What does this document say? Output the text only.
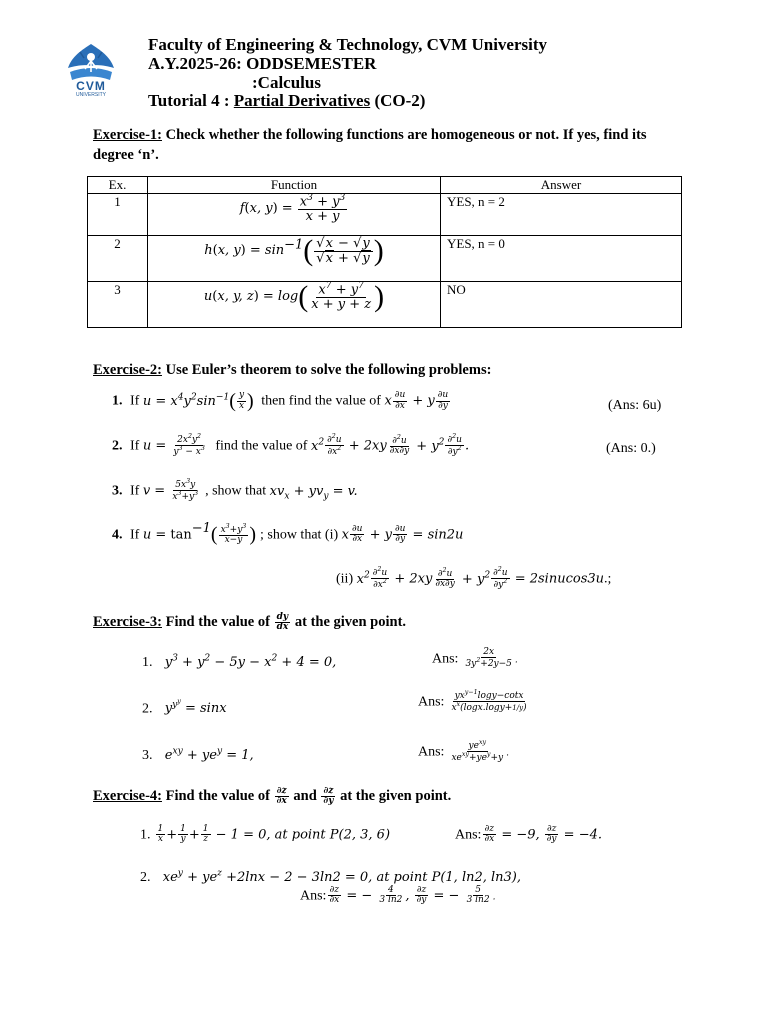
CVM
UNIVERSITY
Faculty of Engineering & Technology, CVM University
A.Y.2025-26: ODDSEMESTER
:Calculus
Tutorial 4 : Partial Derivatives (CO-2)
Exercise-1: Check whether the following functions are homogeneous or not. If yes, find its degree ‘n’.
Ex.	Function	Answer
1	f(x, $y) = \frac{x^3 + y^3}{x + y}$	YES, n = 2
2	h(x, $y) = \sin^{-1}( \frac{√x - √y}{√x + √y}$ )	YES, n = 0
3	u(x, y, $z) = \log( \frac{x^7 + y^7}{x + y + z}$ )	NO
Exercise-2: Use Euler’s theorem to solve the following problems:
1.  If $u = x^4y^2\sin^{-1}( \frac{y}{x}$ )  then find the value of x $\frac{\partial u}{\partial x} + y \frac{\partial u}{\partial y}$	(Ans: 6u)
2.  If $u = \frac{2x^2y^2}{y^3 - x^3}$ find the value of $x^2 \frac{\partial^2u}{\partial x^2} + 2xy \frac{\partial^2u}{\partial x\partial y} + y^2 \frac{\partial^2u}{\partial y^2}$ .	(Ans: 0.)
3.  If $v = \frac{5x^3y}{x^3+y^3}$ , show that $xv_x + yv_y = v$.
4.  If $u = \tan^{-1}( \frac{x^3+y^3}{x-y}$ ) ; show that (i) x $\frac{\partial u}{\partial x} + y \frac{\partial u}{\partial y} = \sin 2u$
(ii) $x^2 \frac{\partial^2u}{\partial x^2} + 2xy \frac{\partial^2u}{\partial x\partial y} + y^2 \frac{\partial^2u}{\partial y^2}$ = 2sinucos3u.;
Exercise-3: Find the value of $\frac{dy}{dx}$ at the given point.
1.   $y^3 + y^2 - 5y - x^2 + 4 = 0$,	Ans: $\frac{2x}{3y^2+2y-5}$ .
2.   $y^{y^y} = \sin x$	Ans: $\frac{yx^{y-1}\log y-\cot x}{x^x(\log x.\log y+1/y)}$
3.   $e^{xy} + ye^y = 1$,	Ans: $\frac{ye^{xy}}{xe^{xy}+ye^y+y}$ .
Exercise-4: Find the value of $\frac{\partial z}{\partial x}$ and $\frac{\partial z}{\partial y}$ at the given point.
1. $\frac{1}{x} + \frac{1}{y} + \frac{1}{z} - 1 = 0$, at point P(2, 3, 6)	Ans: $\frac{\partial z}{\partial x} = -9$, $\frac{\partial z}{\partial y} = -4$.
2.   $xe^y + ye^z +2\ln x - 2 - 3\ln 2 = 0$, at point P(1, ln2, ln3),
Ans: $\frac{\partial z}{\partial x}$ = − $\frac{4}{3 \ln 2}$ , $\frac{\partial z}{\partial y}$ = − $\frac{5}{3 \ln 2}$ .
